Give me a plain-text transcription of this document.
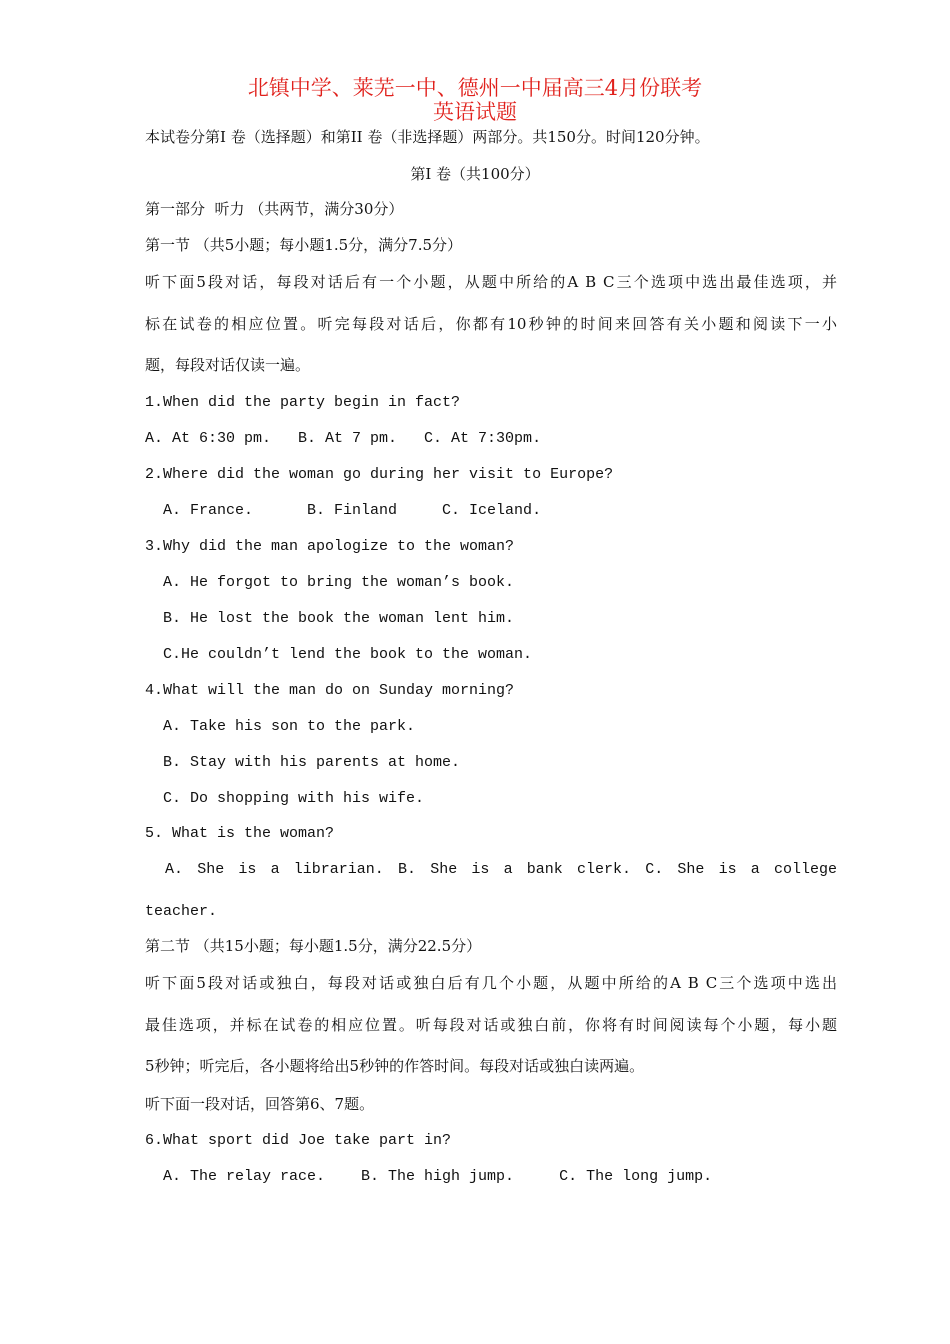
北镇中学、莱芜一中、德州一中届高三4月份联考
英语试题
本试卷分第I 卷（选择题）和第II 卷（非选择题）两部分。共150分。时间120分钟。
第I 卷（共100分）
第一部分  听力 （共两节，满分30分）
第一节 （共5小题；每小题1.5分，满分7.5分）
听下面5段对话，每段对话后有一个小题，从题中所给的A B C三个选项中选出最佳选项，并
标在试卷的相应位置。听完每段对话后，你都有10秒钟的时间来回答有关小题和阅读下一小
题，每段对话仅读一遍。
1.When did the party begin in fact?
A. At 6:30 pm.   B. At 7 pm.   C. At 7:30pm.
2.Where did the woman go during her visit to Europe?
A. France.      B. Finland     C. Iceland.
3.Why did the man apologize to the woman?
A. He forgot to bring the woman’s book.
B. He lost the book the woman lent him.
C.He couldn’t lend the book to the woman.
4.What will the man do on Sunday morning?
A. Take his son to the park.
B. Stay with his parents at home.
C. Do shopping with his wife.
5. What is the woman?
A. She is a librarian. B. She is a bank clerk. C. She is a college
teacher.
第二节 （共15小题；每小题1.5分，满分22.5分）
听下面5段对话或独白，每段对话或独白后有几个小题，从题中所给的A B C三个选项中选出
最佳选项，并标在试卷的相应位置。听每段对话或独白前，你将有时间阅读每个小题，每小题
5秒钟；听完后，各小题将给出5秒钟的作答时间。每段对话或独白读两遍。
听下面一段对话，回答第6、7题。
6.What sport did Joe take part in?
A. The relay race.    B. The high jump.     C. The long jump.
